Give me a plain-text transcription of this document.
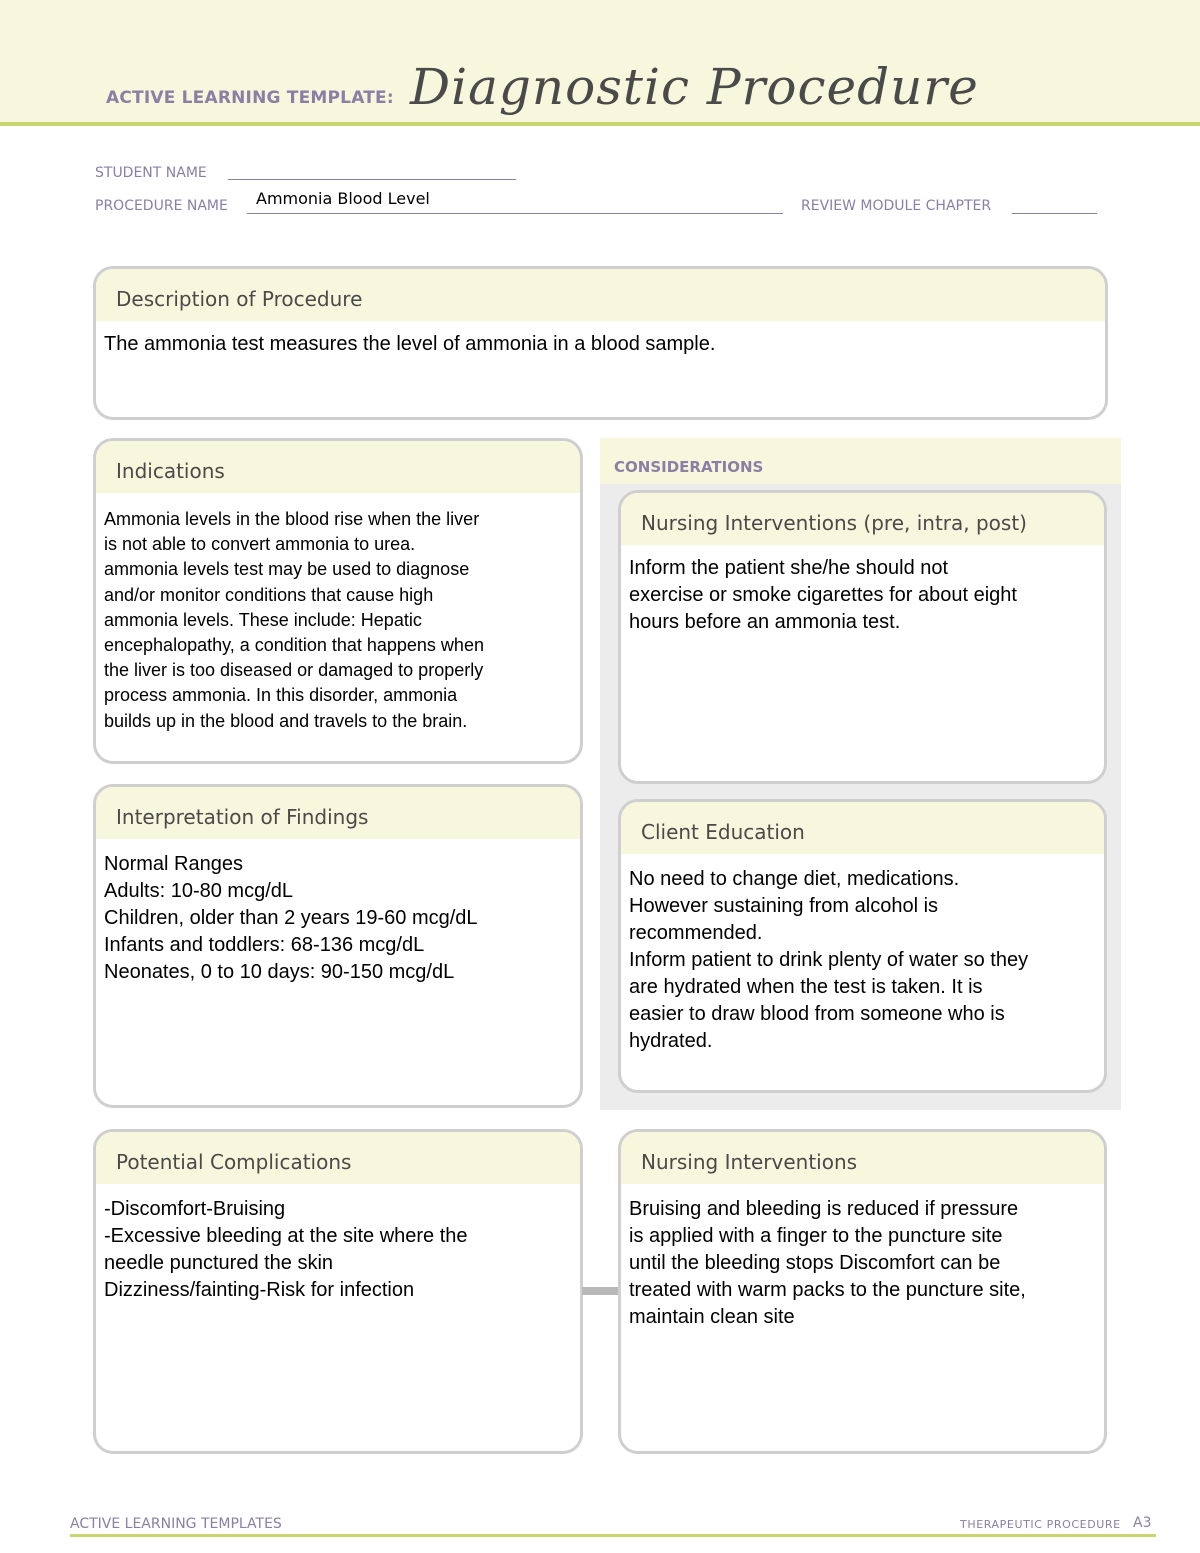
ACTIVE LEARNING TEMPLATE: Diagnostic Procedure
STUDENT NAME
PROCEDURE NAME Ammonia Blood Level	REVIEW MODULE CHAPTER
Description of Procedure
The ammonia test measures the level of ammonia in a blood sample.
Indications
Ammonia levels in the blood rise when the liver
is not able to convert ammonia to urea.
ammonia levels test may be used to diagnose
and/or monitor conditions that cause high
ammonia levels. These include: Hepatic
encephalopathy, a condition that happens when
the liver is too diseased or damaged to properly
process ammonia. In this disorder, ammonia
builds up in the blood and travels to the brain.
CONSIDERATIONS
Nursing Interventions (pre, intra, post)
Inform the patient she/he should not
exercise or smoke cigarettes for about eight
hours before an ammonia test.
Interpretation of Findings
Normal Ranges
Adults: 10-80 mcg/dL
Children, older than 2 years 19-60 mcg/dL
Infants and toddlers: 68-136 mcg/dL
Neonates, 0 to 10 days: 90-150 mcg/dL
Client Education
No need to change diet, medications.
However sustaining from alcohol is
recommended.
Inform patient to drink plenty of water so they
are hydrated when the test is taken. It is
easier to draw blood from someone who is
hydrated.
Potential Complications
-Discomfort-Bruising
-Excessive bleeding at the site where the
needle punctured the skin
Dizziness/fainting-Risk for infection
Nursing Interventions
Bruising and bleeding is reduced if pressure
is applied with a finger to the puncture site
until the bleeding stops Discomfort can be
treated with warm packs to the puncture site,
maintain clean site
ACTIVE LEARNING TEMPLATES	THERAPEUTIC PROCEDURE A3
